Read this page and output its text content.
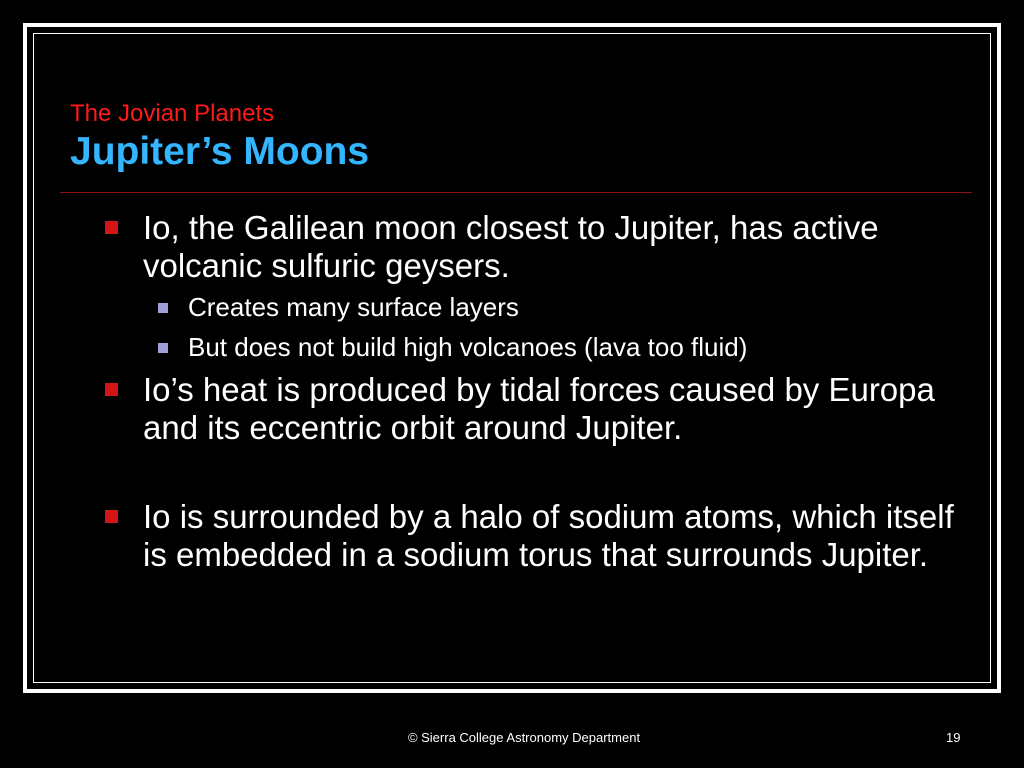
The Jovian Planets
Jupiter’s Moons
Io, the Galilean moon closest to Jupiter, has active volcanic sulfuric geysers.
Creates many surface layers
But does not build high volcanoes (lava too fluid)
Io’s heat is produced by tidal forces caused by Europa and its eccentric orbit around Jupiter.
Io is surrounded by a halo of sodium atoms, which itself is embedded in a sodium torus that surrounds Jupiter.
© Sierra College Astronomy Department	19
